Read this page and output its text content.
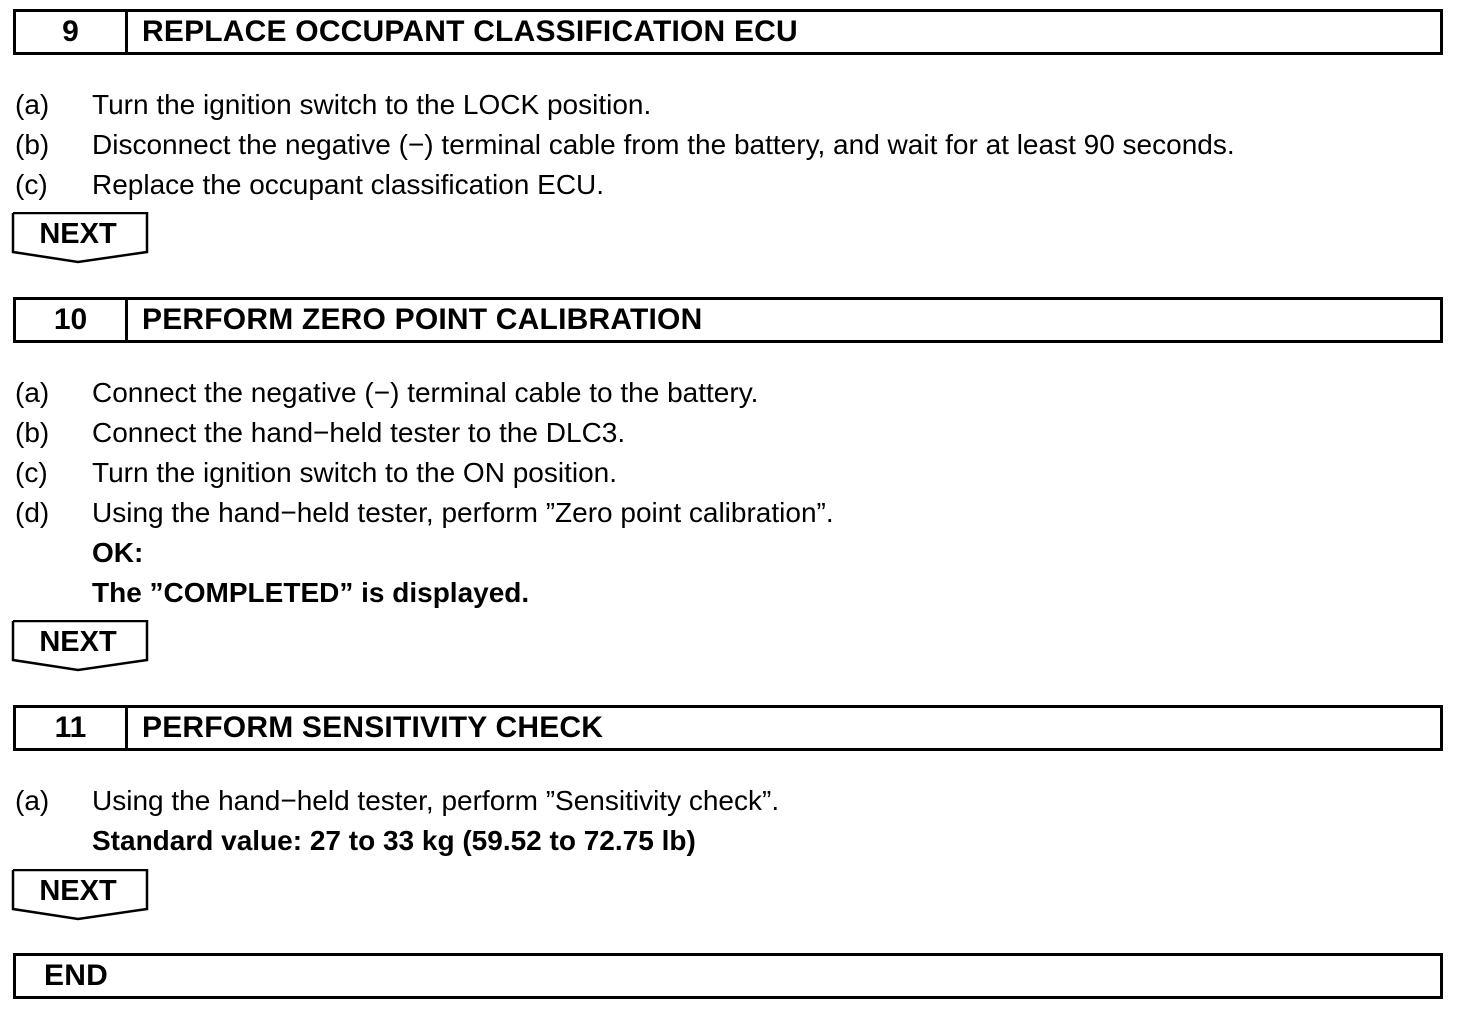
9	REPLACE OCCUPANT CLASSIFICATION ECU
(a) Turn the ignition switch to the LOCK position.
(b) Disconnect the negative (−) terminal cable from the battery, and wait for at least 90 seconds.
(c) Replace the occupant classification ECU.
NEXT
10	PERFORM ZERO POINT CALIBRATION
(a) Connect the negative (−) terminal cable to the battery.
(b) Connect the hand−held tester to the DLC3.
(c) Turn the ignition switch to the ON position.
(d) Using the hand−held tester, perform ”Zero point calibration”.
OK:
The ”COMPLETED” is displayed.
NEXT
11	PERFORM SENSITIVITY CHECK
(a) Using the hand−held tester, perform ”Sensitivity check”.
Standard value: 27 to 33 kg (59.52 to 72.75 lb)
NEXT
END
